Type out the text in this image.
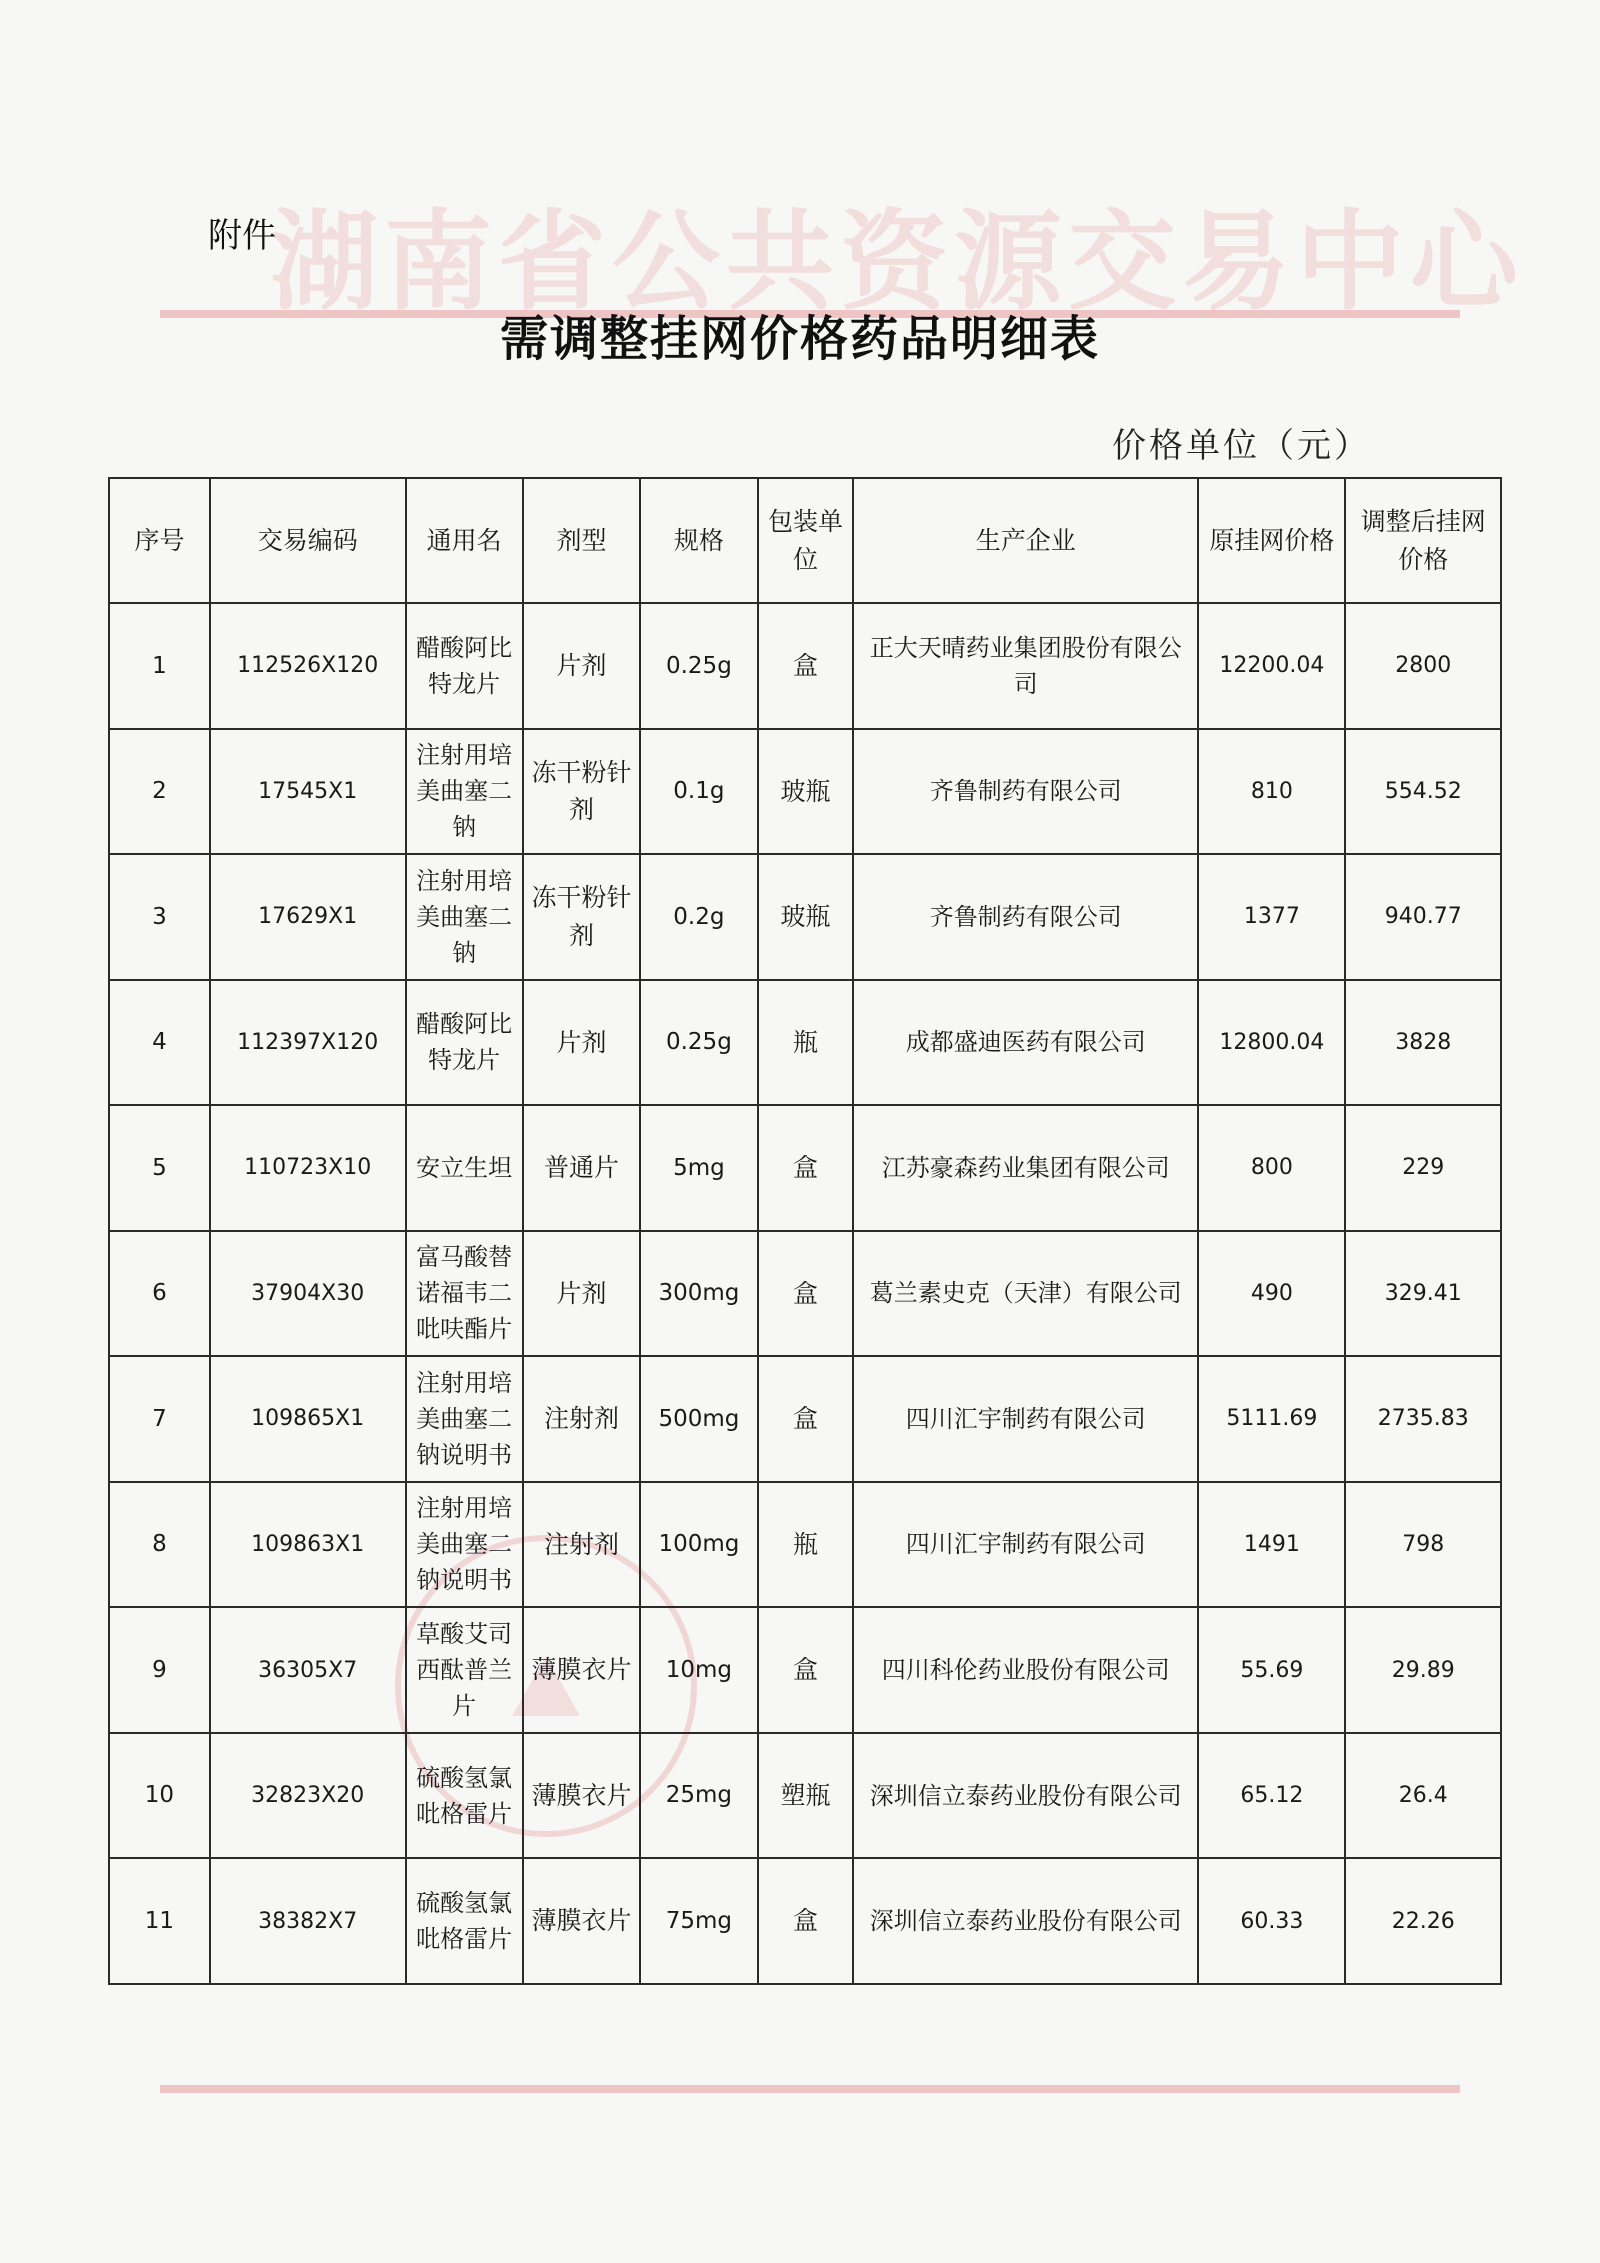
湖南省公共资源交易中心
附件
需调整挂网价格药品明细表
价格单位（元）
序号	交易编码	通用名	剂型	规格	包装单位	生产企业	原挂网价格	调整后挂网价格
1	112526X120	醋酸阿比特龙片	片剂	0.25g	盒	正大天晴药业集团股份有限公司	12200.04	2800
2	17545X1	注射用培美曲塞二钠	冻干粉针剂	0.1g	玻瓶	齐鲁制药有限公司	810	554.52
3	17629X1	注射用培美曲塞二钠	冻干粉针剂	0.2g	玻瓶	齐鲁制药有限公司	1377	940.77
4	112397X120	醋酸阿比特龙片	片剂	0.25g	瓶	成都盛迪医药有限公司	12800.04	3828
5	110723X10	安立生坦	普通片	5mg	盒	江苏豪森药业集团有限公司	800	229
6	37904X30	富马酸替诺福韦二吡呋酯片	片剂	300mg	盒	葛兰素史克（天津）有限公司	490	329.41
7	109865X1	注射用培美曲塞二钠说明书	注射剂	500mg	盒	四川汇宇制药有限公司	5111.69	2735.83
8	109863X1	注射用培美曲塞二钠说明书	注射剂	100mg	瓶	四川汇宇制药有限公司	1491	798
9	36305X7	草酸艾司西酞普兰片	薄膜衣片	10mg	盒	四川科伦药业股份有限公司	55.69	29.89
10	32823X20	硫酸氢氯吡格雷片	薄膜衣片	25mg	塑瓶	深圳信立泰药业股份有限公司	65.12	26.4
11	38382X7	硫酸氢氯吡格雷片	薄膜衣片	75mg	盒	深圳信立泰药业股份有限公司	60.33	22.26
